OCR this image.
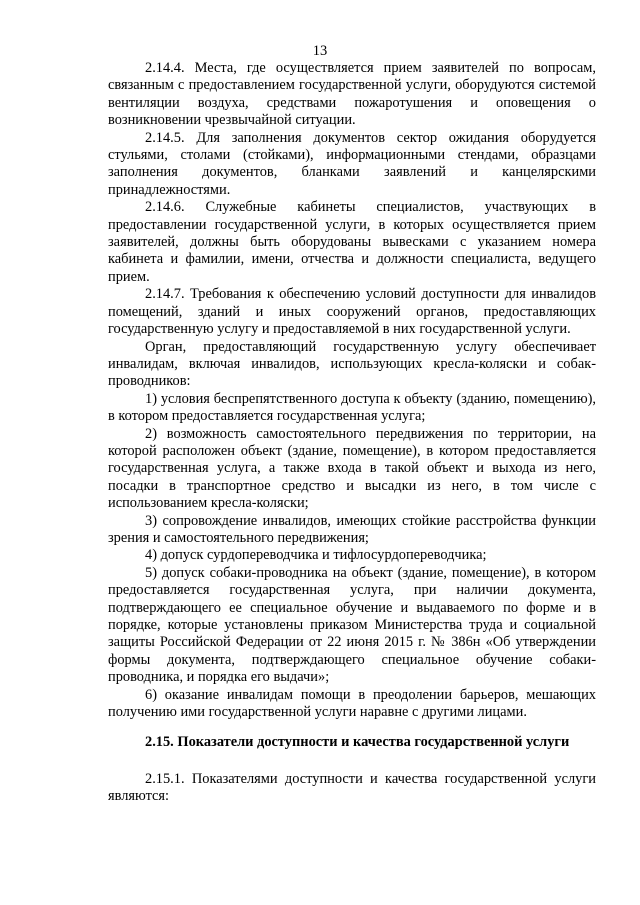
13

2.14.4. Места, где осуществляется прием заявителей по вопросам, связанным с предоставлением государственной услуги, оборудуются системой вентиляции воздуха, средствами пожаротушения и оповещения о возникновении чрезвычайной ситуации.

2.14.5. Для заполнения документов сектор ожидания оборудуется стульями, столами (стойками), информационными стендами, образцами заполнения документов, бланками заявлений и канцелярскими принадлежностями.

2.14.6. Служебные кабинеты специалистов, участвующих в предоставлении государственной услуги, в которых осуществляется прием заявителей, должны быть оборудованы вывесками с указанием номера кабинета и фамилии, имени, отчества и должности специалиста, ведущего прием.

2.14.7. Требования к обеспечению условий доступности для инвалидов помещений, зданий и иных сооружений органов, предоставляющих государственную услугу и предоставляемой в них государственной услуги.

Орган, предоставляющий государственную услугу обеспечивает инвалидам, включая инвалидов, использующих кресла-коляски и собак-проводников:

1) условия беспрепятственного доступа к объекту (зданию, помещению), в котором предоставляется государственная услуга;

2) возможность самостоятельного передвижения по территории, на которой расположен объект (здание, помещение), в котором предоставляется государственная услуга, а также входа в такой объект и выхода из него, посадки в транспортное средство и высадки из него, в том числе с использованием кресла-коляски;

3) сопровождение инвалидов, имеющих стойкие расстройства функции зрения и самостоятельного передвижения;

4) допуск сурдопереводчика и тифлосурдопереводчика;

5) допуск собаки-проводника на объект (здание, помещение), в котором предоставляется государственная услуга, при наличии документа, подтверждающего ее специальное обучение и выдаваемого по форме и в порядке, которые установлены приказом Министерства труда и социальной защиты Российской Федерации от 22 июня 2015 г. № 386н «Об утверждении формы документа, подтверждающего специальное обучение собаки-проводника, и порядка его выдачи»;

6) оказание инвалидам помощи в преодолении барьеров, мешающих получению ими государственной услуги наравне с другими лицами.

2.15. Показатели доступности и качества государственной услуги

2.15.1. Показателями доступности и качества государственной услуги являются:
